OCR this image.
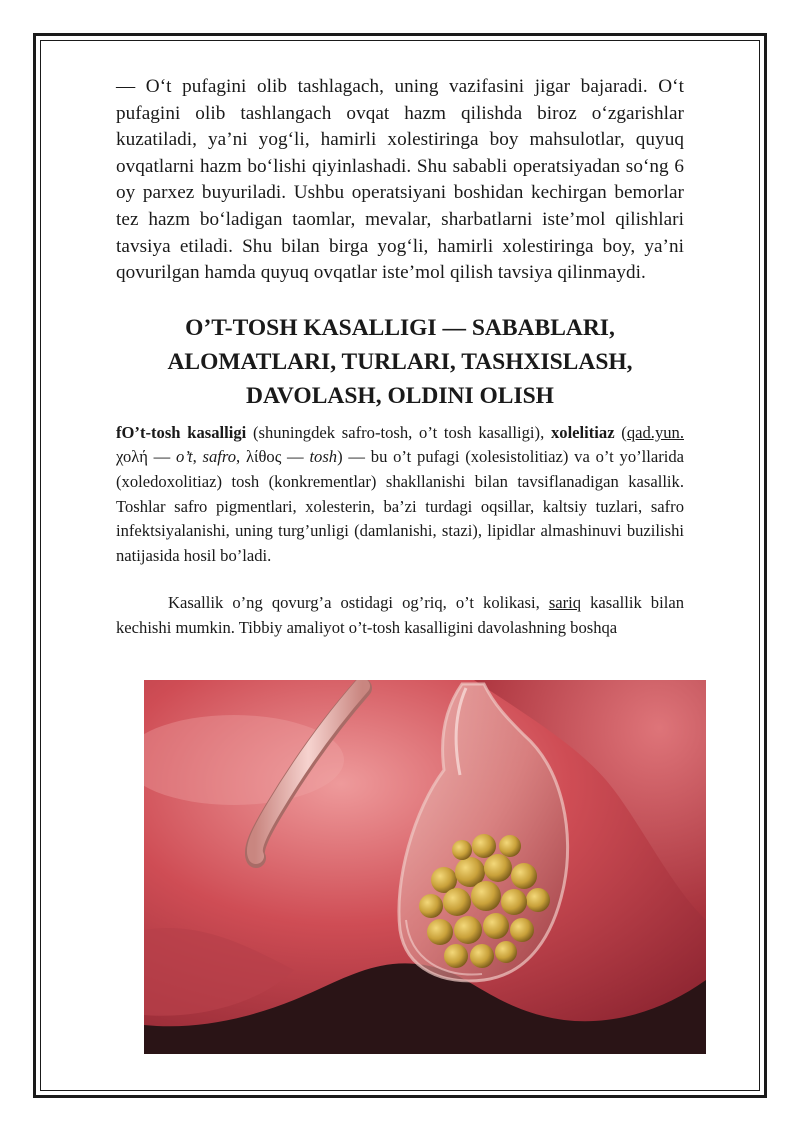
— O‘t pufagini olib tashlagach, uning vazifasini jigar bajaradi. O‘t pufagini olib tashlangach ovqat hazm qilishda biroz o‘zgarishlar kuzatiladi, ya’ni yog‘li, hamirli xolestiringa boy mahsulotlar, quyuq ovqatlarni hazm bo‘lishi qiyinlashadi. Shu sababli operatsiyadan so‘ng 6 oy parxez buyuriladi. Ushbu operatsiyani boshidan kechirgan bemorlar tez hazm bo‘ladigan taomlar, mevalar, sharbatlarni iste’mol qilishlari tavsiya etiladi. Shu bilan birga yog‘li, hamirli xolestiringa boy, ya’ni qovurilgan hamda quyuq ovqatlar iste’mol qilish tavsiya qilinmaydi.

O’T-TOSH KASALLIGI — SABABLARI, ALOMATLARI, TURLARI, TASHXISLASH, DAVOLASH, OLDINI OLISH

fO’t-tosh kasalligi (shuningdek safro-tosh, o’t tosh kasalligi), xolelitiaz (qad.yun. χολή — o’t, safro, λίθος — tosh) — bu o’t pufagi (xolesistolitiaz) va o’t yo’llarida (xoledoxolitiaz) tosh (konkrementlar) shakllanishi bilan tavsiflanadigan kasallik. Toshlar safro pigmentlari, xolesterin, ba’zi turdagi oqsillar, kaltsiy tuzlari, safro infektsiyalanishi, uning turg’unligi (damlanishi, stazi), lipidlar almashinuvi buzilishi natijasida hosil bo’ladi.

Kasallik o’ng qovurg’a ostidagi og’riq, o’t kolikasi, sariq kasallik bilan kechishi mumkin. Tibbiy amaliyot o’t-tosh kasalligini davolashning boshqa
